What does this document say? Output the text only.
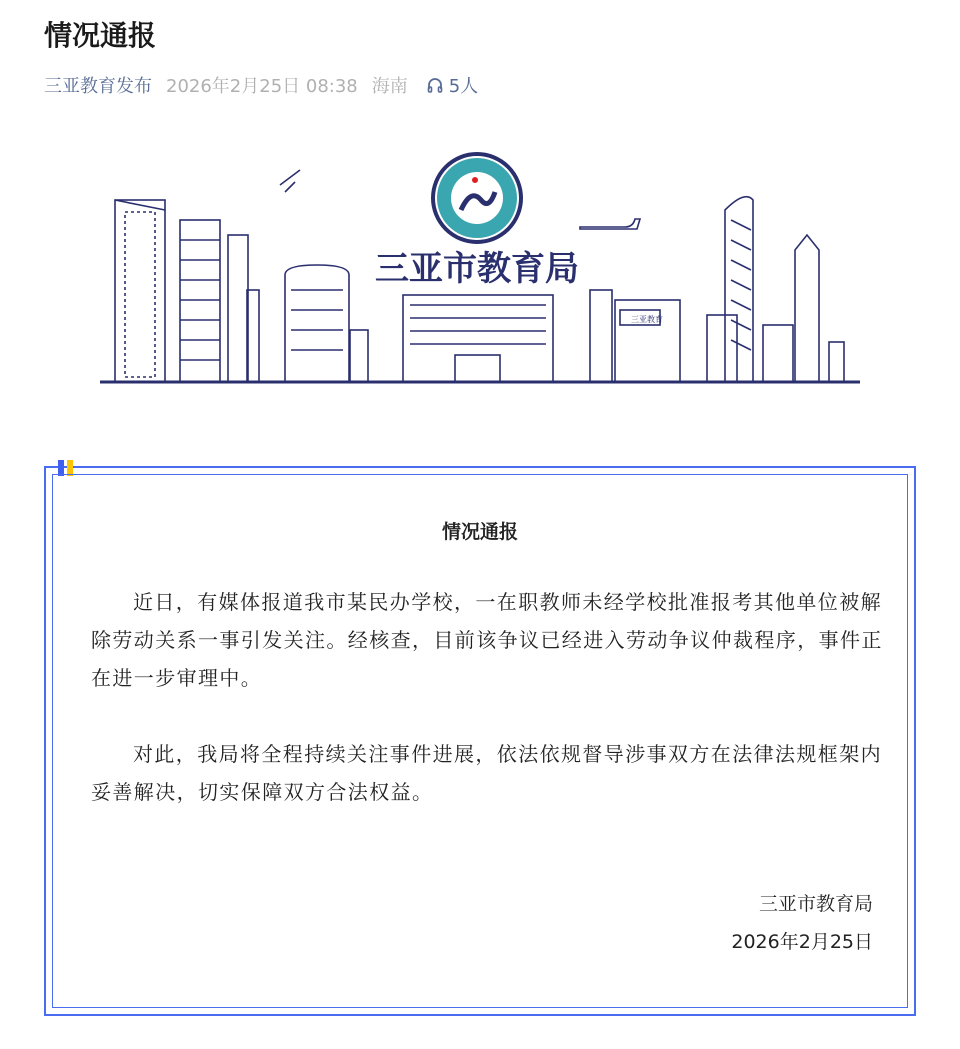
情况通报
三亚教育发布 2026年2月25日 08:38 海南 5人
三亚教育
三亚市教育局
情况通报

近日，有媒体报道我市某民办学校，一在职教师未经学校批准报考其他单位被解除劳动关系一事引发关注。经核查，目前该争议已经进入劳动争议仲裁程序，事件正在进一步审理中。

对此，我局将全程持续关注事件进展，依法依规督导涉事双方在法律法规框架内妥善解决，切实保障双方合法权益。

三亚市教育局
2026年2月25日
